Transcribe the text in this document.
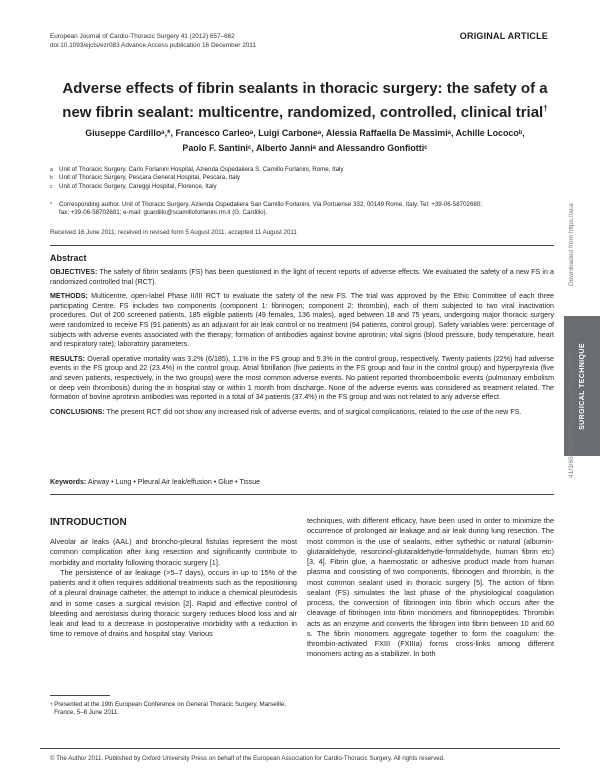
European Journal of Cardio-Thoracic Surgery 41 (2012) 657–662
doi:10.1093/ejcts/ezr083 Advance Access publication 16 December 2011
ORIGINAL ARTICLE
Adverse effects of fibrin sealants in thoracic surgery: the safety of a
new fibrin sealant: multicentre, randomized, controlled, clinical trial†
Giuseppe Cardilloᵃ,*, Francesco Carleoᵃ, Luigi Carboneᵃ, Alessia Raffaella De Massimiᵃ, Achille Lococoᵇ,
Paolo F. Santiniᶜ, Alberto Janniᵃ and Alessandro Gonfiottiᶜ
a	Unit of Thoracic Surgery, Carlo Forlanini Hospital, Azienda Ospedaliera S. Camillo Forlanini, Rome, Italy
b	Unit of Thoracic Surgery, Pescara General Hospital, Pescara, Italy
c	Unit of Thoracic Surgery, Careggi Hospital, Florence, Italy
*	Corresponding author. Unit of Thoracic Surgery, Azienda Ospedaliera San Camillo Forlanini, Via Portuense 332, 00149 Rome, Italy. Tel: +39-06-58702680;
fax: +39-06-58702681; e-mail: gcardillo@scamilloforlanini.rm.it (G. Cardillo).
Received 16 June 2011; received in revised form 5 August 2011; accepted 11 August 2011
Abstract

OBJECTIVES: The safety of fibrin sealants (FS) has been questioned in the light of recent reports of adverse effects. We evaluated the safety of a new FS in a randomized controlled trial (RCT).

METHODS: Multicentre, open-label Phase II/III RCT to evaluate the safety of the new FS. The trial was approved by the Ethic Committee of each three participating Centre. FS includes two components (component 1: fibrinogen; component 2: thrombin), each of them subjected to two viral inactivation procedures. Out of 200 screened patients, 185 eligible patients (49 females, 136 males), aged between 18 and 75 years, undergoing major thoracic surgery were randomized to receive FS (91 patients) as an adjuvant for air leak control or no treatment (94 patients, control group). Safety variables were: percentage of subjects with adverse events associated with the therapy; formation of antibodies against bovine aprotinin; vital signs (blood pressure, body temperature, heart and respiratory rate); laboratory parameters.

RESULTS: Overall operative mortality was 3.2% (6/185), 1.1% in the FS group and 5.3% in the control group, respectively. Twenty patients (22%) had adverse events in the FS group and 22 (23.4%) in the control group. Atrial fibrillation (five patients in the FS group and four in the control group) and hyperpyrexia (five and seven patients, respectively, in the two groups) were the most common adverse events. No patient reported thromboembolic events (pulmonary embolism or deep vein thrombosis) during the in hospital stay or within 1 month from discharge. None of the adverse events was considered as treatment related. The formation of bovine aprotinin antibodies was reported in a total of 34 patients (37.4%) in the FS group and was not related to any adverse effect.

CONCLUSIONS: The present RCT did not show any increased risk of adverse events, and of surgical complications, related to the use of the new FS.

Keywords: Airway • Lung • Pleural Air leak/effusion • Glue • Tissue
INTRODUCTION

Alveolar air leaks (AAL) and broncho-pleural fistulas represent the most common complication after lung resection and significantly contribute to morbidity and mortality following thoracic surgery [1].

The persistence of air leakage (>5–7 days), occurs in up to 15% of the patients and it often requires additional treatments such as the repositioning of a pleural drainage catheter, the attempt to induce a chemical pleurodesis and in some cases a surgical revision [2]. Rapid and effective control of bleeding and aerostasis during thoracic surgery reduces blood loss and air leak and lead to a decrease in postoperative morbidity with a reduction in time to remove of drains and hospital stay. Various

techniques, with different efficacy, have been used in order to minimize the occurrence of prolonged air leakage and air leak during lung resection. The most common is the use of sealants, either sythethic or natural (albumin-glutaraldehyde, resorcinol-glutaraldehyde-formaldehyde, human fibrin etc) [3, 4]. Fibrin glue, a haemostatic or adhesive product made from human plasma and consisting of two components, fibrinogen and thrombin, is the most common sealant used in thoracic surgery [5]. The action of fibrin sealant (FS) simulates the last phase of the physiological coagulation process, the conversion of fibrinogen into fibrin which occurs after the cleavage of fibrinogen into fibrin monomers and fibrinopeptides. Thrombin acts as an enzyme and converts the fibrogen into fibrin between 10 and 60 s. The fibrin monomers aggregate together to form the coagulum: the thrombin-activated FXIII (FXIIIa) forms cross-links among different monomers acting as a stabilizer. In both

† Presented at the 19th European Conference on General Thoracic Surgery, Marseille, France, 5–8 June 2011.
© The Author 2011. Published by Oxford University Press on behalf of the European Association for Cardio-Thoracic Surgery. All rights reserved.
Downloaded from https://aca
SURGICAL TECHNIQUE
41/3/657/365857 by guest on 26 June 2022
